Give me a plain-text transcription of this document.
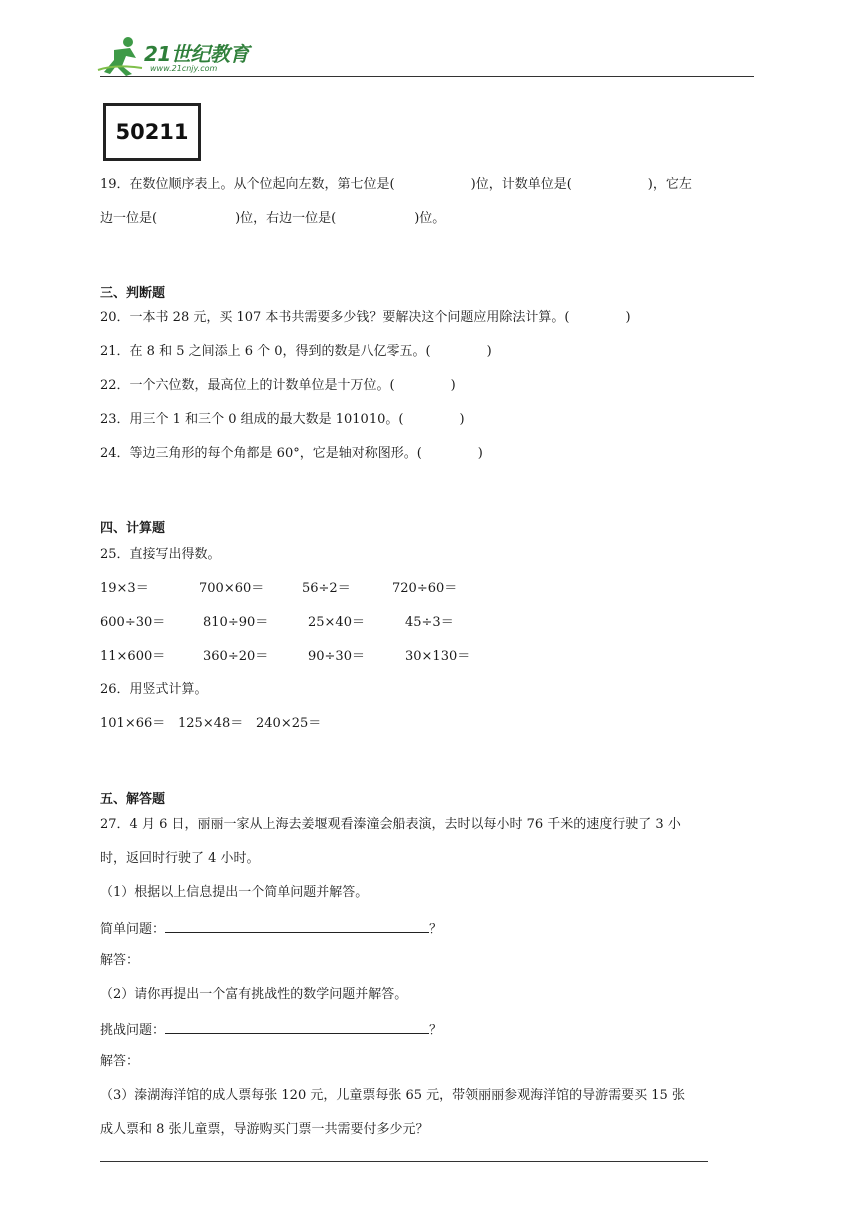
21世纪教育
www.21cnjy.com
50211
19．在数位顺序表上。从个位起向左数，第七位是(	)位，计数单位是(	)，它左
边一位是(	)位，右边一位是(	)位。
三、判断题
20．一本书 28 元，买 107 本书共需要多少钱？要解决这个问题应用除法计算。(	)
21．在 8 和 5 之间添上 6 个 0，得到的数是八亿零五。(	)
22．一个六位数，最高位上的计数单位是十万位。(	)
23．用三个 1 和三个 0 组成的最大数是 101010。(	)
24．等边三角形的每个角都是 60°，它是轴对称图形。(	)
四、计算题
25．直接写出得数。
19×3＝	700×60＝	56÷2＝	720÷60＝
600÷30＝	810÷90＝	25×40＝	45÷3＝
11×600＝	360÷20＝	90÷30＝	30×130＝
26．用竖式计算。
101×66＝ 125×48＝ 240×25＝
五、解答题
27．4 月 6 日，丽丽一家从上海去姜堰观看溱潼会船表演，去时以每小时 76 千米的速度行驶了 3 小
时，返回时行驶了 4 小时。
（1）根据以上信息提出一个简单问题并解答。
简单问题：	？
解答：
（2）请你再提出一个富有挑战性的数学问题并解答。
挑战问题：	？
解答：
（3）溱湖海洋馆的成人票每张 120 元，儿童票每张 65 元，带领丽丽参观海洋馆的导游需要买 15 张
成人票和 8 张儿童票，导游购买门票一共需要付多少元？
